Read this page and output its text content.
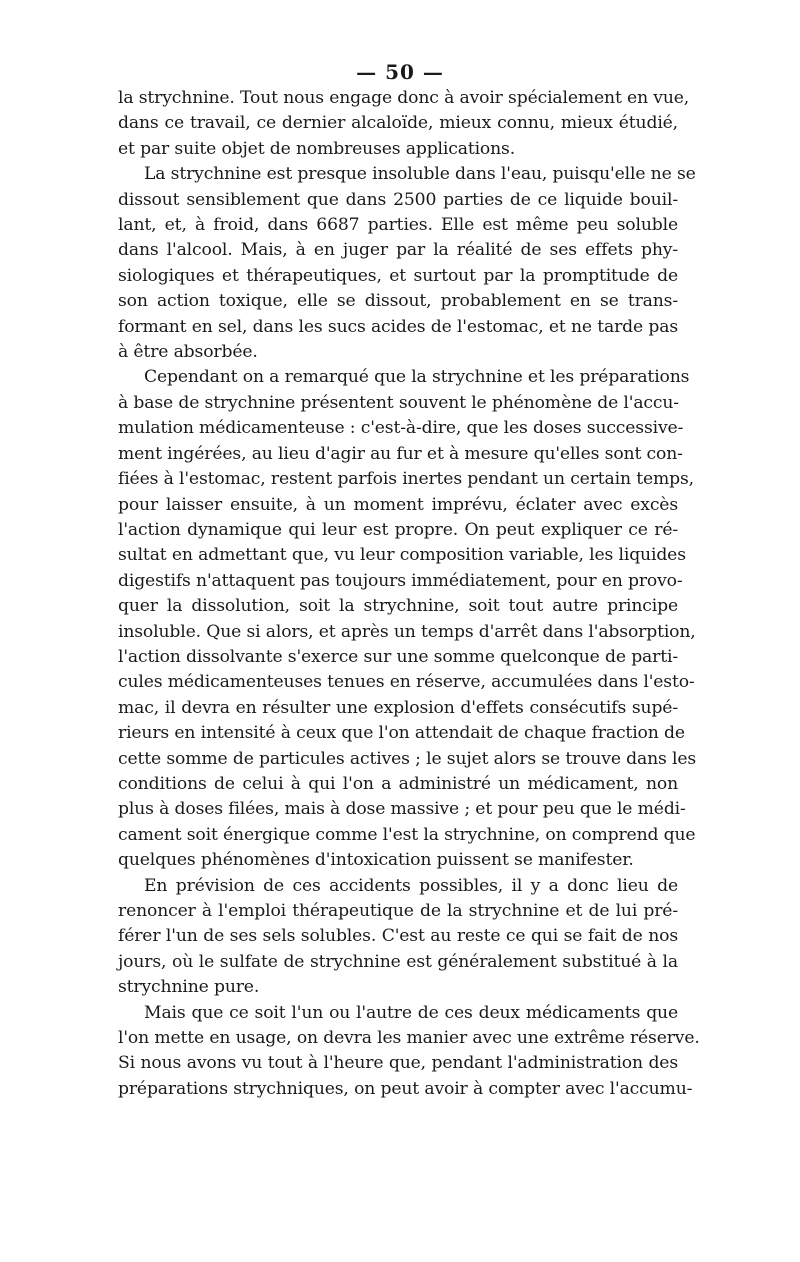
— 50 —
la strychnine. Tout nous engage donc à avoir spécialement en vue,
dans ce travail, ce dernier alcaloïde, mieux connu, mieux étudié,
et par suite objet de nombreuses applications.
La strychnine est presque insoluble dans l'eau, puisqu'elle ne se
dissout sensiblement que dans 2500 parties de ce liquide bouil-
lant, et, à froid, dans 6687 parties. Elle est même peu soluble
dans l'alcool. Mais, à en juger par la réalité de ses effets phy-
siologiques et thérapeutiques, et surtout par la promptitude de
son action toxique, elle se dissout, probablement en se trans-
formant en sel, dans les sucs acides de l'estomac, et ne tarde pas
à être absorbée.
Cependant on a remarqué que la strychnine et les préparations
à base de strychnine présentent souvent le phénomène de l'accu-
mulation médicamenteuse : c'est-à-dire, que les doses successive-
ment ingérées, au lieu d'agir au fur et à mesure qu'elles sont con-
fiées à l'estomac, restent parfois inertes pendant un certain temps,
pour laisser ensuite, à un moment imprévu, éclater avec excès
l'action dynamique qui leur est propre. On peut expliquer ce ré-
sultat en admettant que, vu leur composition variable, les liquides
digestifs n'attaquent pas toujours immédiatement, pour en provo-
quer la dissolution, soit la strychnine, soit tout autre principe
insoluble. Que si alors, et après un temps d'arrêt dans l'absorption,
l'action dissolvante s'exerce sur une somme quelconque de parti-
cules médicamenteuses tenues en réserve, accumulées dans l'esto-
mac, il devra en résulter une explosion d'effets consécutifs supé-
rieurs en intensité à ceux que l'on attendait de chaque fraction de
cette somme de particules actives ; le sujet alors se trouve dans les
conditions de celui à qui l'on a administré un médicament, non
plus à doses filées, mais à dose massive ; et pour peu que le médi-
cament soit énergique comme l'est la strychnine, on comprend que
quelques phénomènes d'intoxication puissent se manifester.
En prévision de ces accidents possibles, il y a donc lieu de
renoncer à l'emploi thérapeutique de la strychnine et de lui pré-
férer l'un de ses sels solubles. C'est au reste ce qui se fait de nos
jours, où le sulfate de strychnine est généralement substitué à la
strychnine pure.
Mais que ce soit l'un ou l'autre de ces deux médicaments que
l'on mette en usage, on devra les manier avec une extrême réserve.
Si nous avons vu tout à l'heure que, pendant l'administration des
préparations strychniques, on peut avoir à compter avec l'accumu-
